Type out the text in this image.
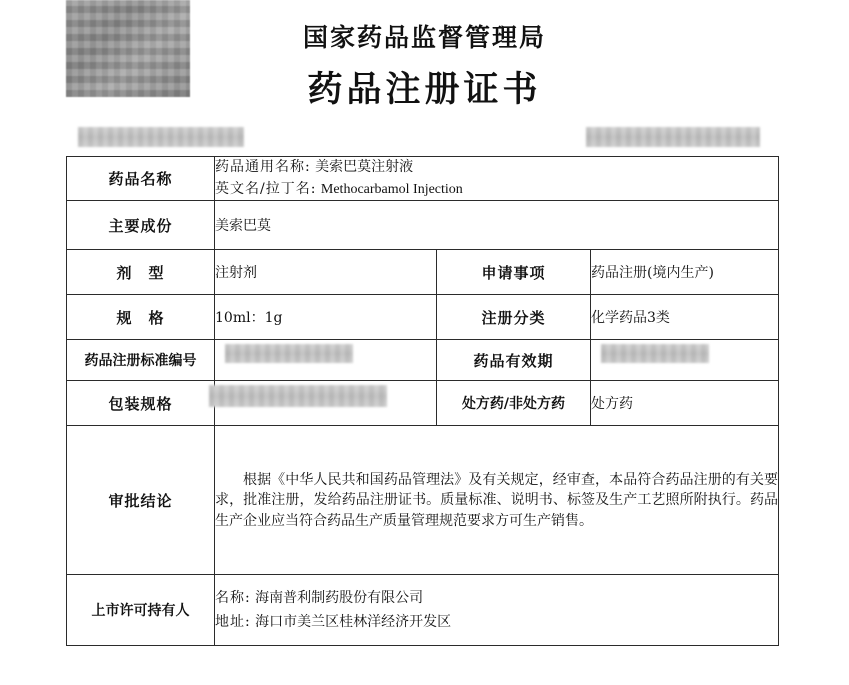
国家药品监督管理局
药品注册证书
药品名称	药品通用名称: 美索巴莫注射液
英文名/拉丁名: Methocarbamol Injection		

主要成份	美索巴莫		
剂　型	注射剂	申请事项	药品注册(境内生产)
规　格	10ml：1g	注册分类	化学药品3类
药品注册标准编号		药品有效期	

包装规格		处方药/非处方药	处方药
审批结论	根据《中华人民共和国药品管理法》及有关规定，经审查，本品符合药品注册的有关要求，批准注册，发给药品注册证书。质量标准、说明书、标签及生产工艺照所附执行。药品生产企业应当符合药品生产质量管理规范要求方可生产销售。		
上市许可持有人	名称: 海南普利制药股份有限公司
地址: 海口市美兰区桂林洋经济开发区		
